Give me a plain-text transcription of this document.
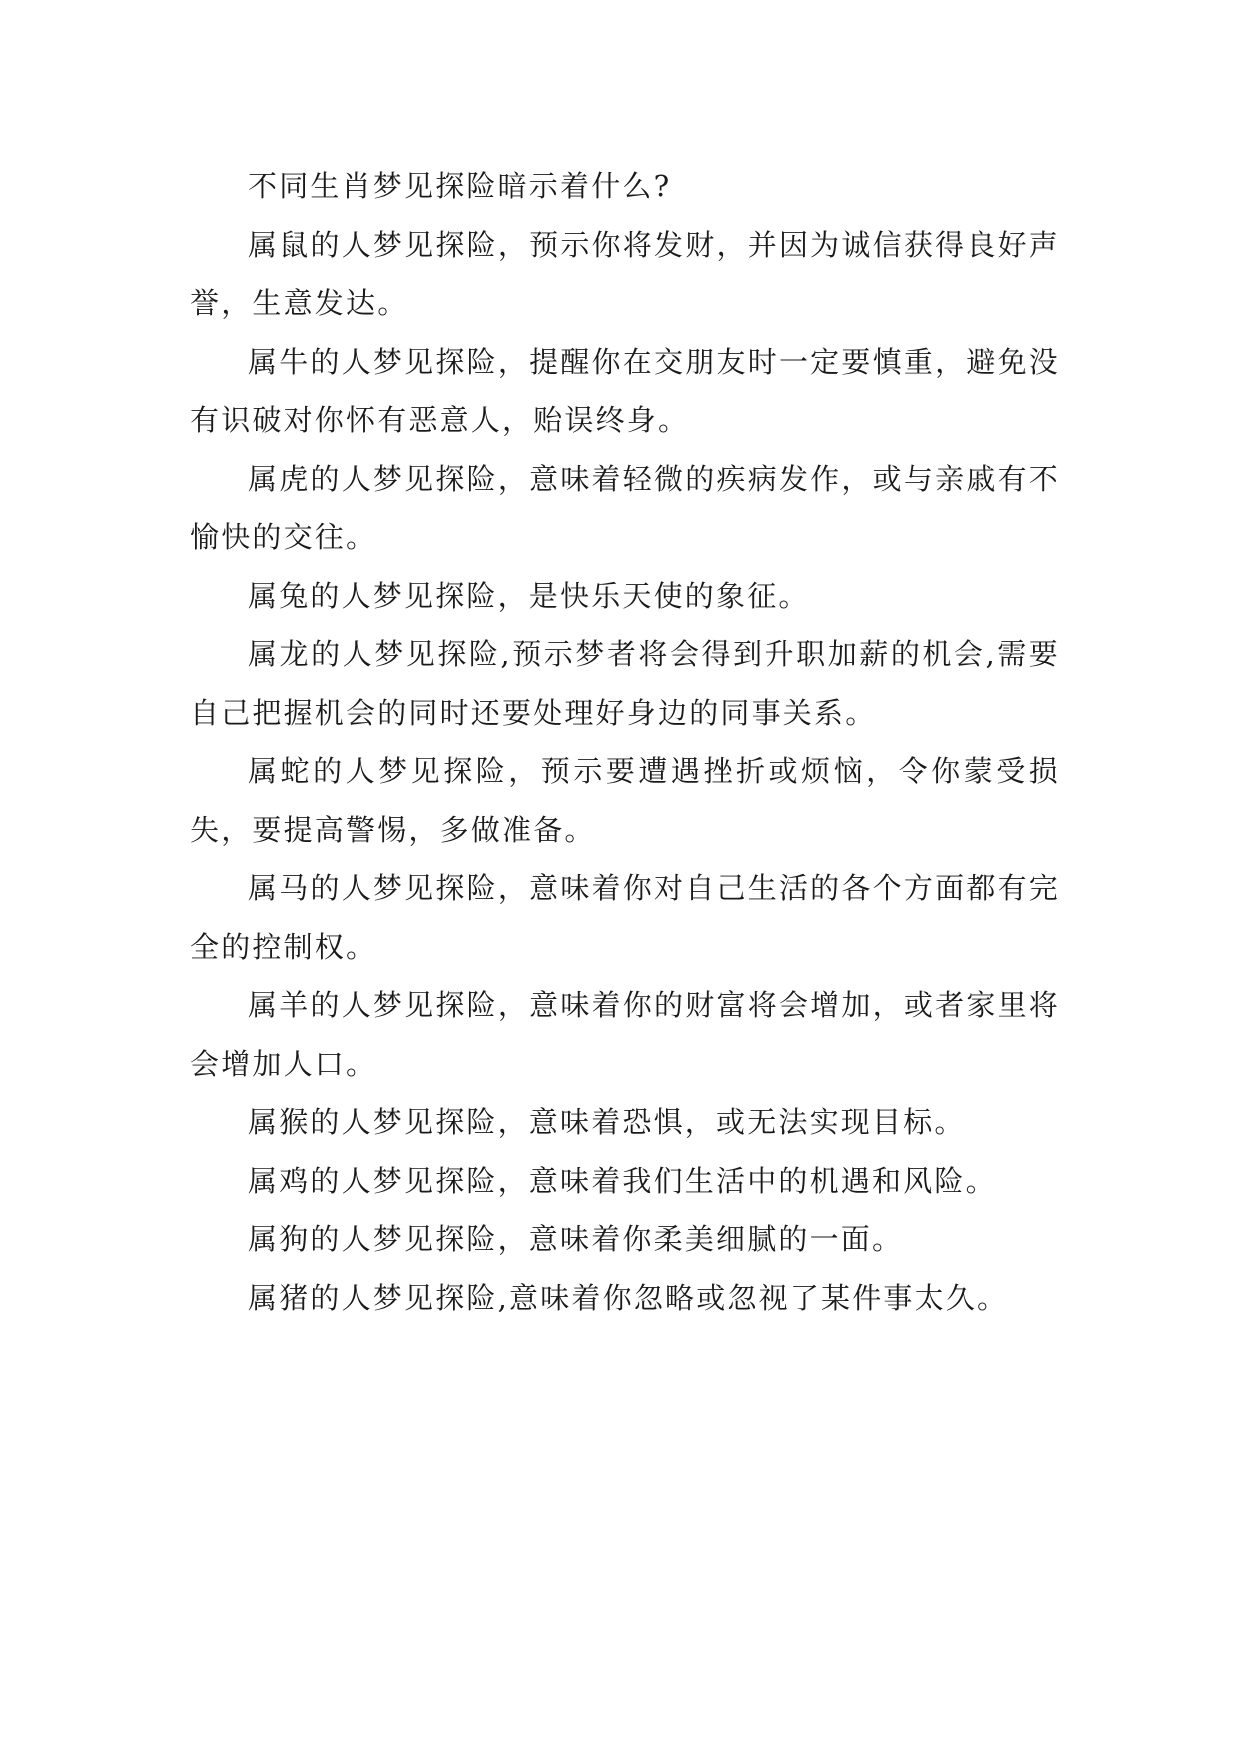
不同生肖梦见探险暗示着什么?

属鼠的人梦见探险，预示你将发财，并因为诚信获得良好声誉，生意发达。

属牛的人梦见探险，提醒你在交朋友时一定要慎重，避免没有识破对你怀有恶意人，贻误终身。

属虎的人梦见探险，意味着轻微的疾病发作，或与亲戚有不愉快的交往。

属兔的人梦见探险，是快乐天使的象征。

属龙的人梦见探险,预示梦者将会得到升职加薪的机会,需要自己把握机会的同时还要处理好身边的同事关系。

属蛇的人梦见探险，预示要遭遇挫折或烦恼，令你蒙受损失，要提高警惕，多做准备。

属马的人梦见探险，意味着你对自己生活的各个方面都有完全的控制权。

属羊的人梦见探险，意味着你的财富将会增加，或者家里将会增加人口。

属猴的人梦见探险，意味着恐惧，或无法实现目标。

属鸡的人梦见探险，意味着我们生活中的机遇和风险。

属狗的人梦见探险，意味着你柔美细腻的一面。

属猪的人梦见探险,意味着你忽略或忽视了某件事太久。
